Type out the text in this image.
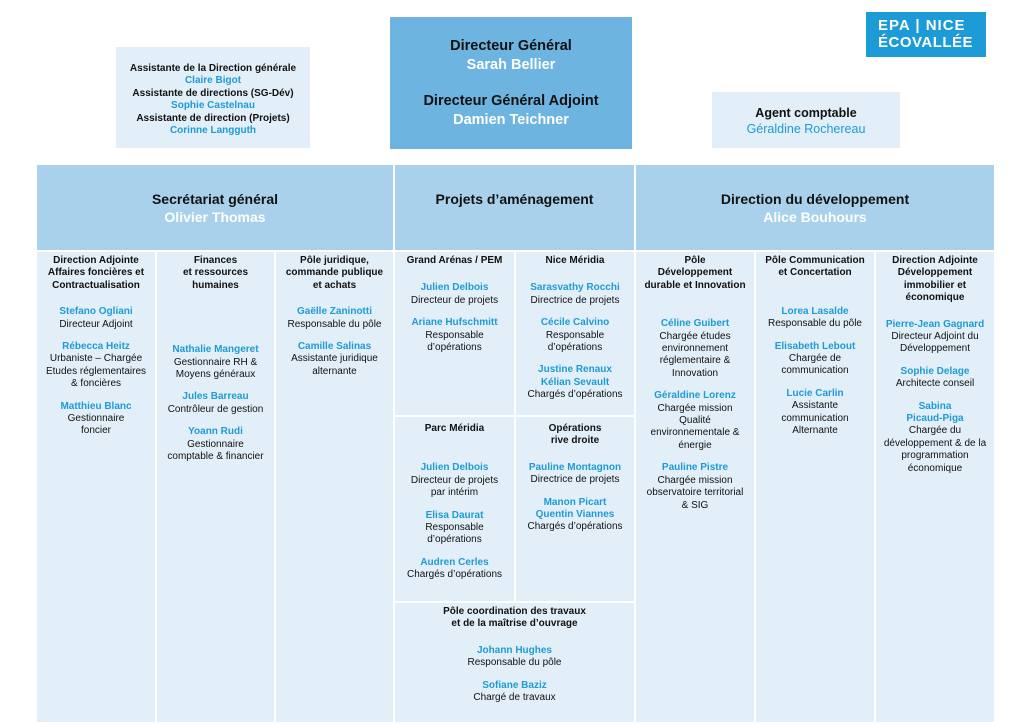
EPA | NICE
ÉCOVALLÉE
Assistante de la Direction générale
Claire Bigot
Assistante de directions (SG-Dév)
Sophie Castelnau
Assistante de direction (Projets)
Corinne Langguth
Directeur Général
Sarah Bellier
Directeur Général Adjoint
Damien Teichner	Agent comptable
Géraldine Rochereau
Secrétariat général
Olivier Thomas
Projets d’aménagement	Direction du développement
Alice Bouhours
Direction Adjointe
Affaires foncières et
Contractualisation
Stefano Ogliani
Directeur Adjoint
Rébecca Heitz
Urbaniste – Chargée
Etudes réglementaires
& foncières
Matthieu Blanc
Gestionnaire
foncier
Finances
et ressources
humaines
Nathalie Mangeret
Gestionnaire RH &
Moyens généraux
Jules Barreau
Contrôleur de gestion
Yoann Rudi
Gestionnaire
comptable & financier
Pôle juridique,
commande publique
et achats
Gaëlle Zaninotti
Responsable du pôle
Camille Salinas
Assistante juridique
alternante
Grand Arénas / PEM
Julien Delbois
Directeur de projets
Ariane Hufschmitt
Responsable
d’opérations
Nice Méridia
Sarasvathy Rocchi
Directrice de projets
Cécile Calvino
Responsable
d’opérations
Justine Renaux
Kélian Sevault
Chargés d’opérations
Parc Méridia
Julien Delbois
Directeur de projets
par intérim
Elisa Daurat
Responsable
d’opérations
Audren Cerles
Chargés d’opérations
Opérations
rive droite
Pauline Montagnon
Directrice de projets
Manon Picart
Quentin Viannes
Chargés d’opérations
Pôle coordination des travaux
et de la maîtrise d’ouvrage
Johann Hughes
Responsable du pôle
Sofiane Baziz
Chargé de travaux
Pôle
Développement
durable et Innovation
Céline Guibert
Chargée études
environnement
réglementaire &
Innovation
Géraldine Lorenz
Chargée mission
Qualité
environnementale &
énergie
Pauline Pistre
Chargée mission
observatoire territorial
& SIG
Pôle Communication
et Concertation
Lorea Lasalde
Responsable du pôle
Elisabeth Lebout
Chargée de
communication
Lucie Carlin
Assistante
communication
Alternante
Direction Adjointe
Développement
immobilier et
économique
Pierre-Jean Gagnard
Directeur Adjoint du
Développement
Sophie Delage
Architecte conseil
Sabina
Picaud-Piga
Chargée du
développement & de la
programmation
économique
